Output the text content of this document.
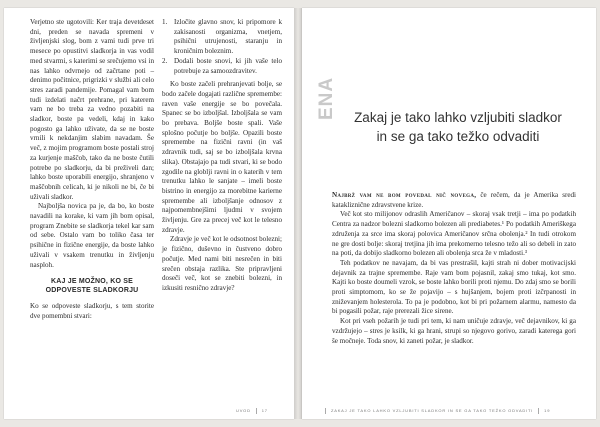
Verjetno ste ugotovili: Ker traja devetdeset dni, preden se navada spremeni v življenjski slog, bom z vami tudi prve tri mesece po opustitvi sladkorja in vas vodil med stvarmi, s katerimi se srečujemo vsi in nas lahko odvrnejo od začrtane poti – denimo počitnice, prigrizki v službi ali celo stres zaradi pandemije. Pomagal vam bom tudi izdelati načrt prehrane, pri katerem vam ne bo treba za vedno pozabiti na sladkor, boste pa vedeli, kdaj in kako pogosto ga lahko uživate, da se ne boste vrnili k nekdanjim slabim navadam. Še več, z mojim programom boste postali stroj za kurjenje maščob, tako da ne boste čutili potrebe po sladkorju, da bi preživeli dan; lahko boste uporabili energijo, shranjeno v maščobnih celicah, ki je nikoli ne bi, če bi uživali sladkor.

Najboljša novica pa je, da bo, ko boste navadili na korake, ki vam jih bom opisal, program Znebite se sladkorja tekel kar sam od sebe. Ostalo vam bo toliko časa ter psihične in fizične energije, da boste lahko uživali v vsakem trenutku in življenju nasploh.

KAJ JE MOŽNO, KO SE
ODPOVESTE SLADKORJU

Ko se odpoveste sladkorju, s tem storite dve pomembni stvari:

1. Izločite glavno snov, ki pripomore k zakisanosti organizma, vnetjem, psihični utrujenosti, staranju in kroničnim boleznim.
2. Dodali boste snovi, ki jih vaše telo potrebuje za samoozdravitev.

Ko boste začeli prehranjevati bolje, se bodo začele dogajati različne spremembe: raven vaše energije se bo povečala. Spanec se bo izboljšal. Izboljšala se vam bo prebava. Boljše boste spali. Vaše splošno počutje bo boljše. Opazili boste spremembe na fizični ravni (in vaš zdravnik tudi, saj se bo izboljšala krvna slika). Obstajajo pa tudi stvari, ki se bodo zgodile na globlji ravni in o katerih v tem trenutku lahko le sanjate – imeli boste bistrino in energijo za morebitne karierne spremembe ali izboljšanje odnosov z najpomembnejšimi ljudmi v svojem življenju. Gre za precej več kot le telesno zdravje.

Zdravje je več kot le odsotnost bolezni; je fizično, duševno in čustveno dobro počutje. Med nami biti nesrečen in biti srečen obstaja razlika. Ste pripravljeni doseči več, kot se znebiti bolezni, in izkusiti resnično zdravje?

UVOD	17
ENA	Zakaj je tako lahko vzljubiti sladkor
in se ga tako težko odvaditi

Najbrž vam ne bom povedal nič novega, če rečem, da je Amerika sredi katakliznične zdravstvene krize.

Več kot sto milijonov odraslih Američanov – skoraj vsak tretji – ima po podatkih Centra za nadzor bolezni sladkorno bolezen ali prediabetes.¹ Po podatkih Ameriškega združenja za srce ima skoraj polovica Američanov srčna obolenja.² In tudi otrokom ne gre dosti bolje: skoraj tretjina jih ima prekomerno telesno težo ali so debeli in zato na poti, da dobijo sladkorno bolezen ali obolenja srca že v mladosti.³

Teh podatkov ne navajam, da bi vas prestrašil, kajti strah ni dober motivacijski dejavnik za trajne spremembe. Raje vam bom pojasnil, zakaj smo tukaj, kot smo. Kajti ko boste doumeli vzrok, se boste lahko borili proti njemu. Do zdaj smo se borili proti simptomom, ko se že pojavijo – s hujšanjem, bojem proti izčrpanosti in zniževanjem holesterola. To pa je podobno, kot bi pri požarnem alarmu, namesto da bi pogasili požar, raje prerezali žice sirene.

Kot pri vseh požarih je tudi pri tem, ki nam uničuje zdravje, več dejavnikov, ki ga vzdržujejo – stres je ksilk, ki ga hrani, strupi so njegovo gorivo, zaradi katerega gori še močneje. Toda snov, ki zaneti požar, je sladkor.

ZAKAJ JE TAKO LAHKO VZLJUBITI SLADKOR IN SE GA TAKO TEŽKO ODVADITI	19
